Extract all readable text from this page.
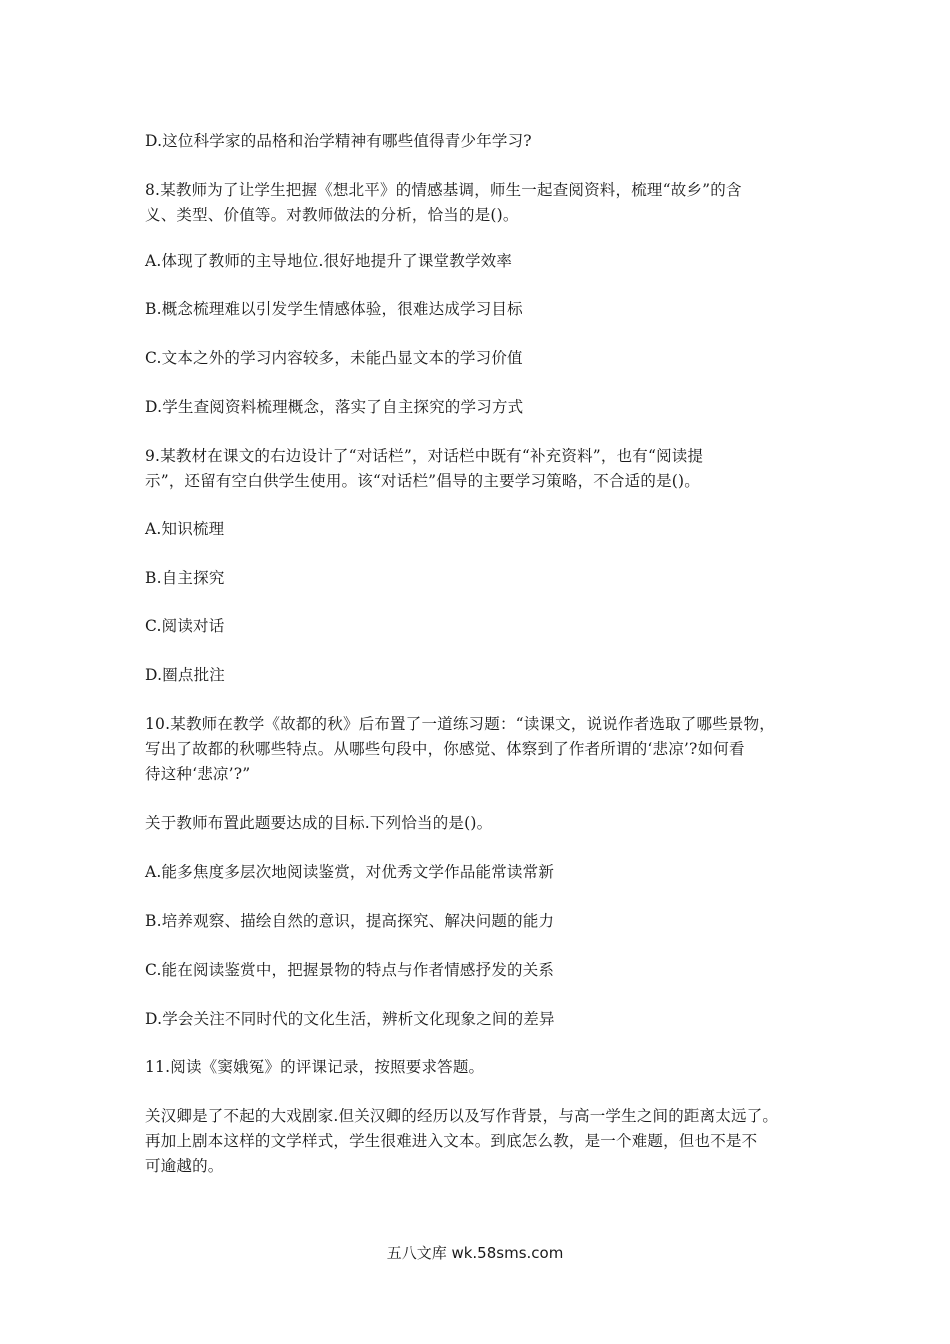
D.这位科学家的品格和治学精神有哪些值得青少年学习?
8.某教师为了让学生把握《想北平》的情感基调，师生一起查阅资料，梳理“故乡”的含
义、类型、价值等。对教师做法的分析，恰当的是()。
A.体现了教师的主导地位.很好地提升了课堂教学效率
B.概念梳理难以引发学生情感体验，很难达成学习目标
C.文本之外的学习内容较多，未能凸显文本的学习价值
D.学生查阅资料梳理概念，落实了自主探究的学习方式
9.某教材在课文的右边设计了“对话栏”，对话栏中既有“补充资料”，也有“阅读提
示”，还留有空白供学生使用。该“对话栏”倡导的主要学习策略，不合适的是()。
A.知识梳理
B.自主探究
C.阅读对话
D.圈点批注
10.某教师在教学《故都的秋》后布置了一道练习题：“读课文，说说作者选取了哪些景物，
写出了故都的秋哪些特点。从哪些句段中，你感觉、体察到了作者所谓的‘悲凉’?如何看
待这种‘悲凉’?”
关于教师布置此题要达成的目标.下列恰当的是()。
A.能多焦度多层次地阅读鉴赏，对优秀文学作品能常读常新
B.培养观察、描绘自然的意识，提高探究、解决问题的能力
C.能在阅读鉴赏中，把握景物的特点与作者情感抒发的关系
D.学会关注不同时代的文化生活，辨析文化现象之间的差异
11.阅读《窦娥冤》的评课记录，按照要求答题。
关汉卿是了不起的大戏剧家.但关汉卿的经历以及写作背景，与高一学生之间的距离太远了。
再加上剧本这样的文学样式，学生很难进入文本。到底怎么教，是一个难题，但也不是不
可逾越的。
五八文库 wk.58sms.com
